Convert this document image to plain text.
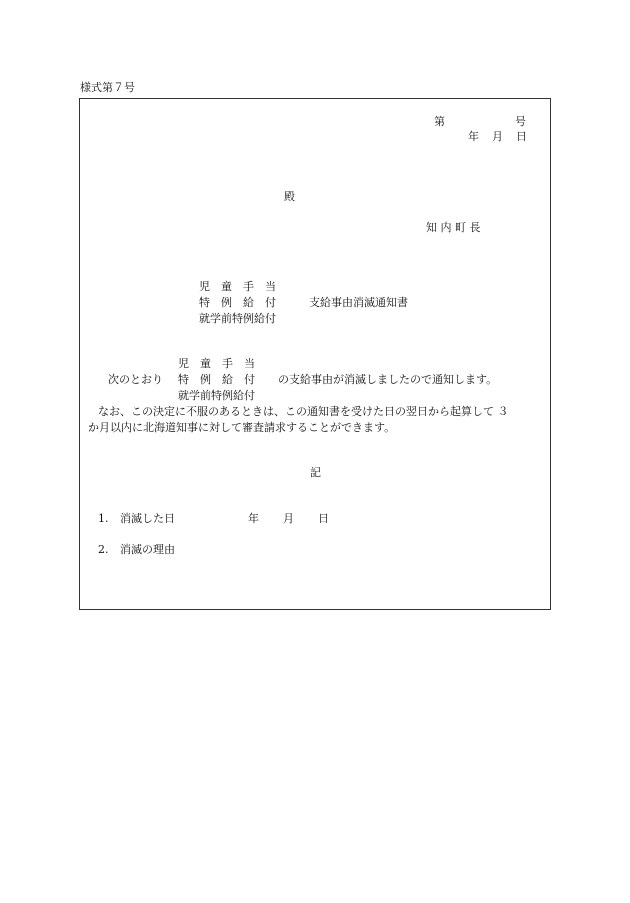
様式第７号
第	号
年 月 日
殿
知 内 町 長
児　童　手　当
特　例　給　付	支給事由消滅通知書
就学前特例給付
児　童　手　当
次のとおり 特　例　給　付 の支給事由が消滅しましたので通知します。
就学前特例給付
なお、この決定に不服のあるときは、この通知書を受けた日の翌日から起算して ３
か月以内に北海道知事に対して審査請求することができます。
記
1. 消滅した日	年 月 日
2. 消滅の理由
